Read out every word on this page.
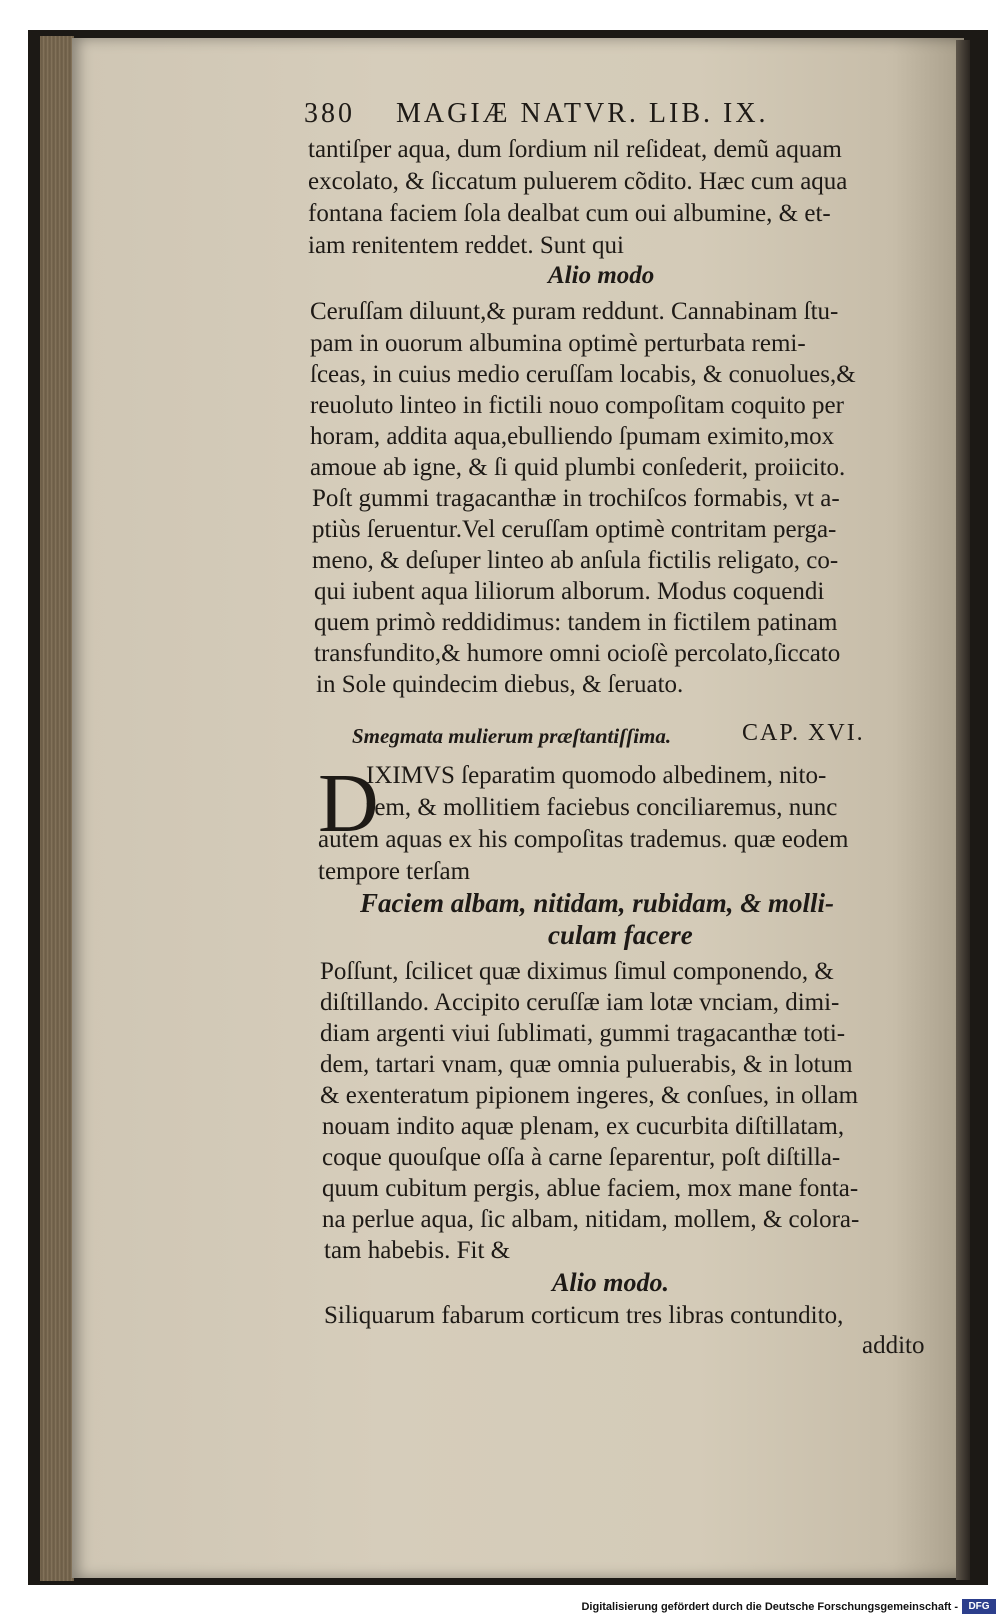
380 MAGIÆ NATVR. LIB. IX.
tantiſper aqua, dum ſordium nil reſideat, demũ aquam
excolato, & ſiccatum puluerem cõdito. Hæc cum aqua
fontana faciem ſola dealbat cum oui albumine, & et-
iam renitentem reddet. Sunt qui
Alio modo
Ceruſſam diluunt,& puram reddunt. Cannabinam ſtu-
pam in ouorum albumina optimè perturbata remi-
ſceas, in cuius medio ceruſſam locabis, & conuolues,&
reuoluto linteo in fictili nouo compoſitam coquito per
horam, addita aqua,ebulliendo ſpumam eximito,mox
amoue ab igne, & ſi quid plumbi conſederit, proiicito.
Poſt gummi tragacanthæ in trochiſcos formabis, vt a-
ptiùs ſeruentur.Vel ceruſſam optimè contritam perga-
meno, & deſuper linteo ab anſula fictilis religato, co-
qui iubent aqua liliorum alborum. Modus coquendi
quem primò reddidimus: tandem in fictilem patinam
transfundito,& humore omni ocioſè percolato,ſiccato
in Sole quindecim diebus, & ſeruato.
Smegmata mulierum præſtantiſſima.	CAP. XVI.
D
IXIMVS ſeparatim quomodo albedinem, nito-
rem, & mollitiem faciebus conciliaremus, nunc
autem aquas ex his compoſitas trademus. quæ eodem
tempore terſam
Faciem albam, nitidam, rubidam, & molli-
culam facere
Poſſunt, ſcilicet quæ diximus ſimul componendo, &
diſtillando. Accipito ceruſſæ iam lotæ vnciam, dimi-
diam argenti viui ſublimati, gummi tragacanthæ toti-
dem, tartari vnam, quæ omnia puluerabis, & in lotum
& exenteratum pipionem ingeres, & conſues, in ollam
nouam indito aquæ plenam, ex cucurbita diſtillatam,
coque quouſque oſſa à carne ſeparentur, poſt diſtilla-
quum cubitum pergis, ablue faciem, mox mane fonta-
na perlue aqua, ſic albam, nitidam, mollem, & colora-
tam habebis. Fit &
Alio modo.
Siliquarum fabarum corticum tres libras contundito,
addito
Digitalisierung gefördert durch die Deutsche Forschungsgemeinschaft -	DFG
